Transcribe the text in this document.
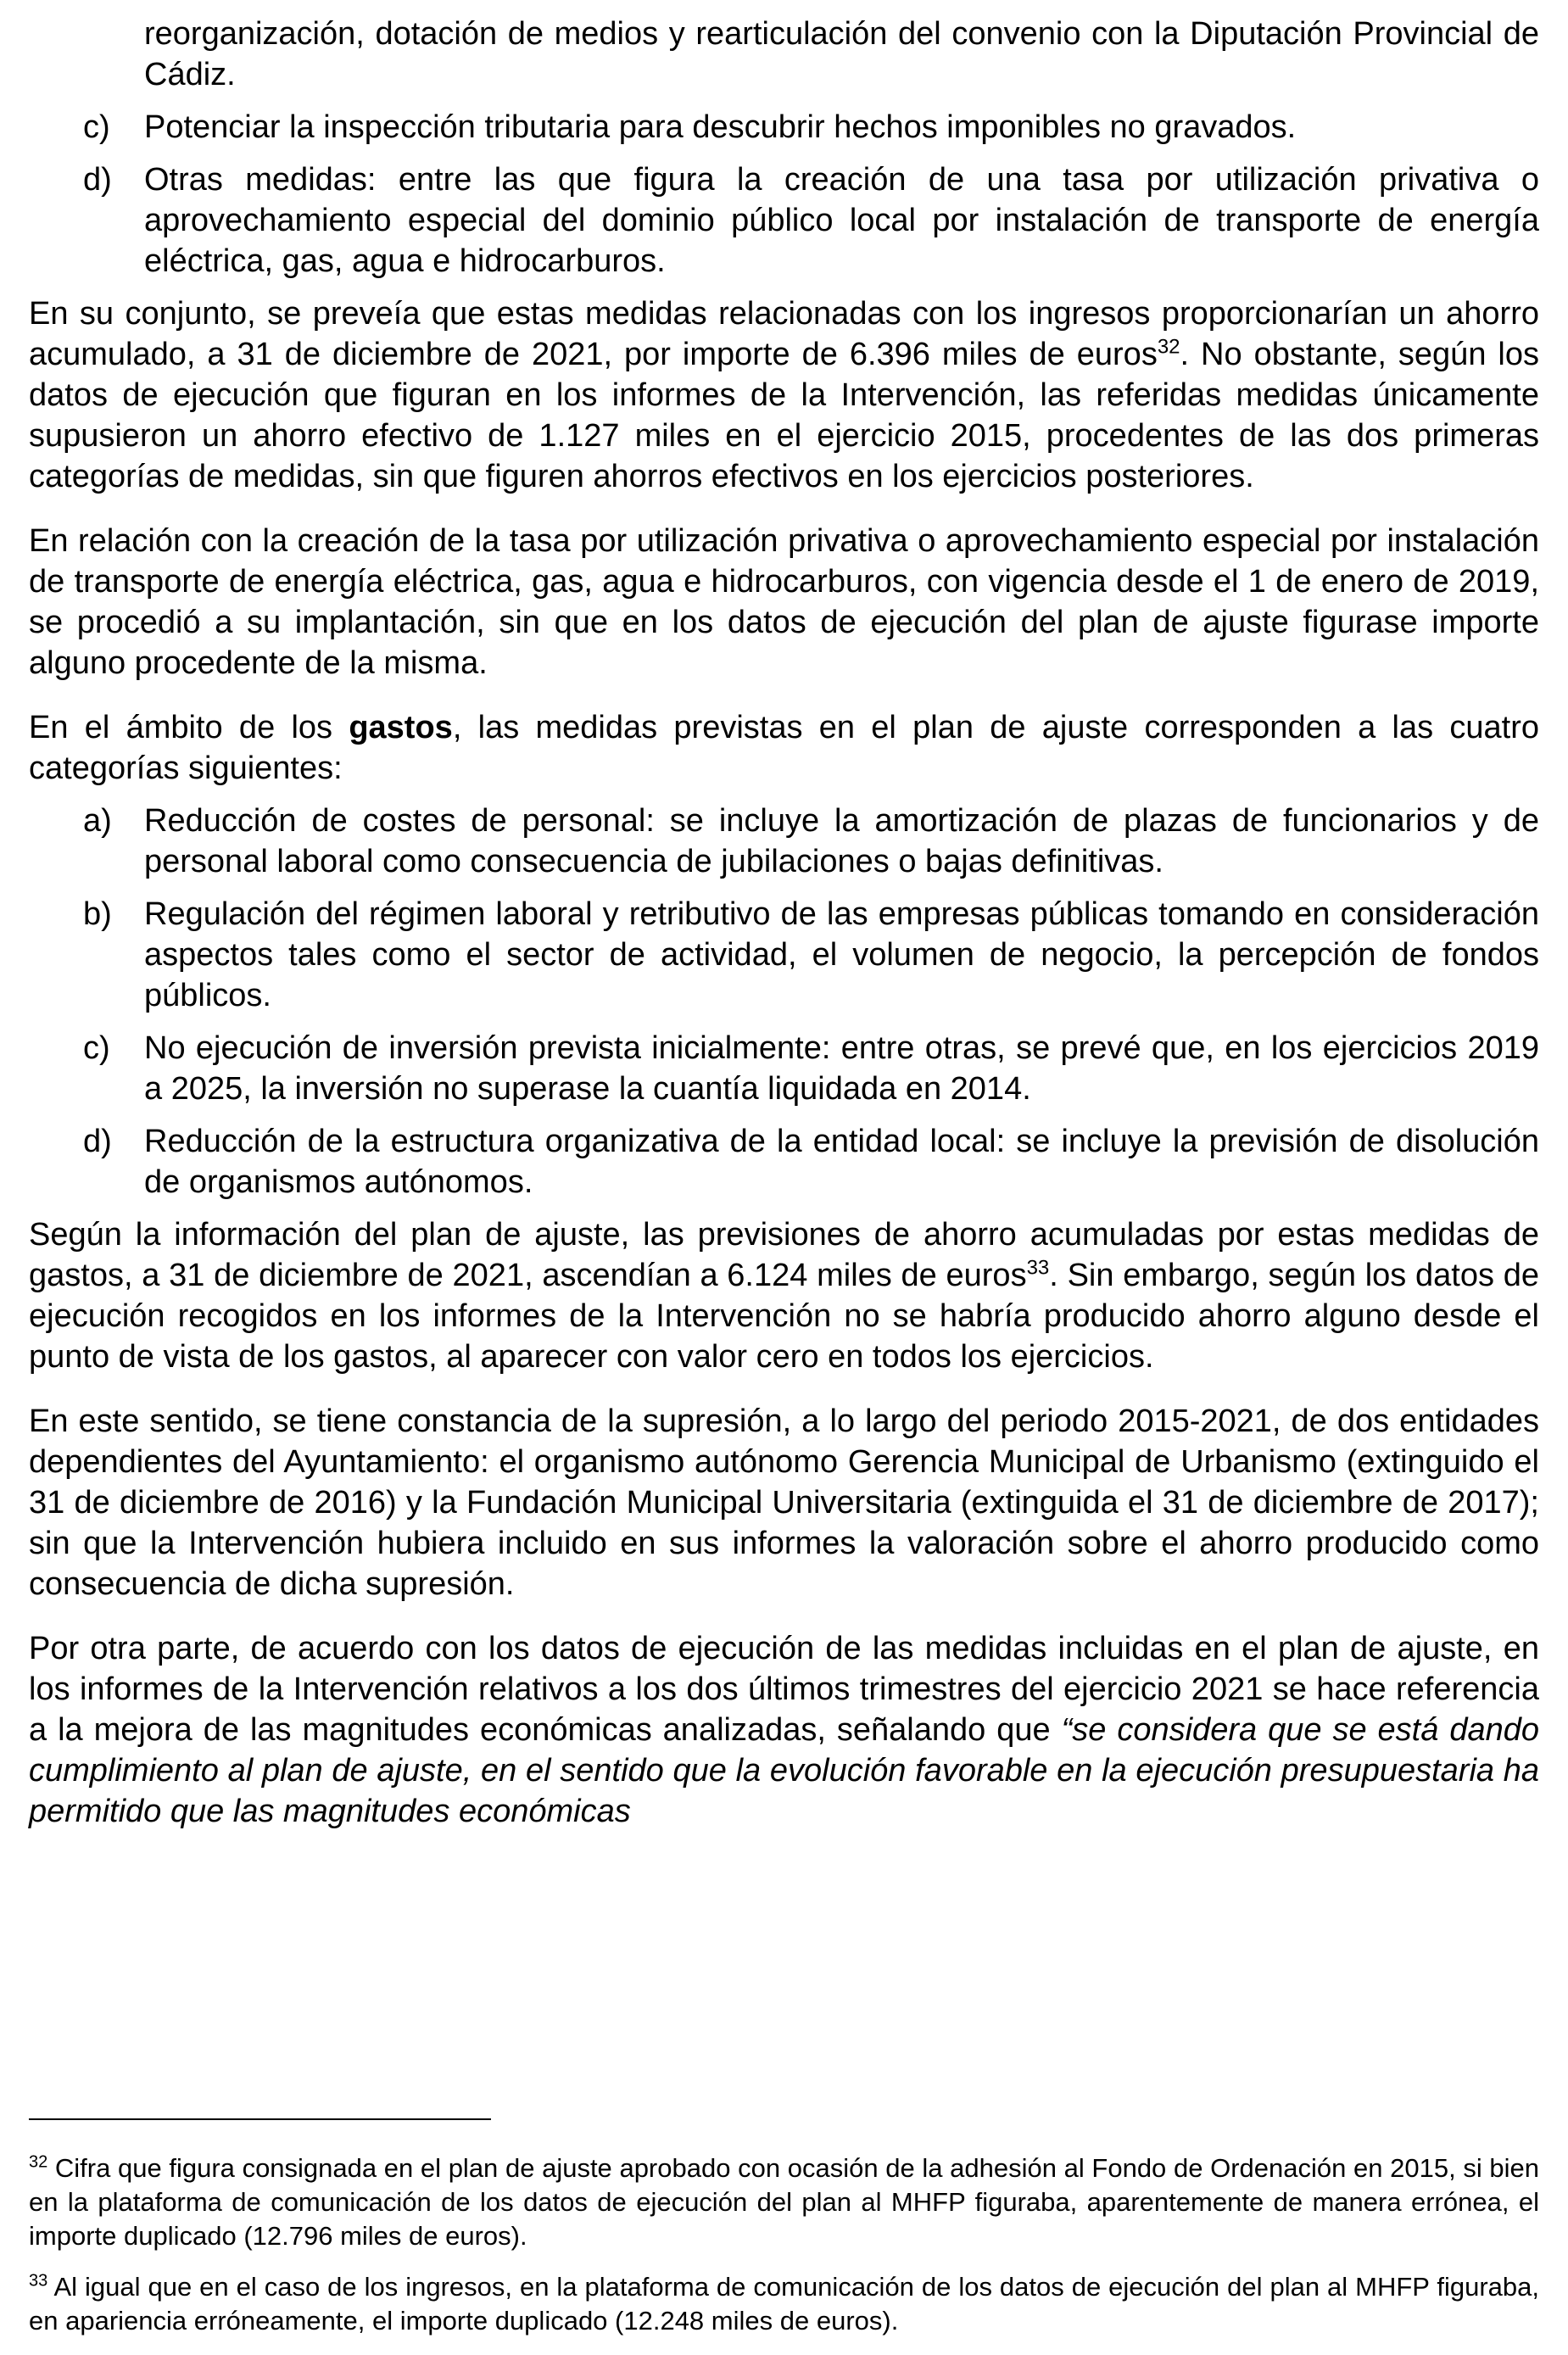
reorganización, dotación de medios y rearticulación del convenio con la Diputación Provincial de Cádiz.

c)	Potenciar la inspección tributaria para descubrir hechos imponibles no gravados.
d)	Otras medidas: entre las que figura la creación de una tasa por utilización privativa o aprovechamiento especial del dominio público local por instalación de transporte de energía eléctrica, gas, agua e hidrocarburos.

En su conjunto, se preveía que estas medidas relacionadas con los ingresos proporcionarían un ahorro acumulado, a 31 de diciembre de 2021, por importe de 6.396 miles de euros$^{32}$. No obstante, según los datos de ejecución que figuran en los informes de la Intervención, las referidas medidas únicamente supusieron un ahorro efectivo de 1.127 miles en el ejercicio 2015, procedentes de las dos primeras categorías de medidas, sin que figuren ahorros efectivos en los ejercicios posteriores.

En relación con la creación de la tasa por utilización privativa o aprovechamiento especial por instalación de transporte de energía eléctrica, gas, agua e hidrocarburos, con vigencia desde el 1 de enero de 2019, se procedió a su implantación, sin que en los datos de ejecución del plan de ajuste figurase importe alguno procedente de la misma.

En el ámbito de los gastos, las medidas previstas en el plan de ajuste corresponden a las cuatro categorías siguientes:

a)	Reducción de costes de personal: se incluye la amortización de plazas de funcionarios y de personal laboral como consecuencia de jubilaciones o bajas definitivas.
b)	Regulación del régimen laboral y retributivo de las empresas públicas tomando en consideración aspectos tales como el sector de actividad, el volumen de negocio, la percepción de fondos públicos.
c)	No ejecución de inversión prevista inicialmente: entre otras, se prevé que, en los ejercicios 2019 a 2025, la inversión no superase la cuantía liquidada en 2014.
d)	Reducción de la estructura organizativa de la entidad local: se incluye la previsión de disolución de organismos autónomos.

Según la información del plan de ajuste, las previsiones de ahorro acumuladas por estas medidas de gastos, a 31 de diciembre de 2021, ascendían a 6.124 miles de euros$^{33}$. Sin embargo, según los datos de ejecución recogidos en los informes de la Intervención no se habría producido ahorro alguno desde el punto de vista de los gastos, al aparecer con valor cero en todos los ejercicios.

En este sentido, se tiene constancia de la supresión, a lo largo del periodo 2015-2021, de dos entidades dependientes del Ayuntamiento: el organismo autónomo Gerencia Municipal de Urbanismo (extinguido el 31 de diciembre de 2016) y la Fundación Municipal Universitaria (extinguida el 31 de diciembre de 2017); sin que la Intervención hubiera incluido en sus informes la valoración sobre el ahorro producido como consecuencia de dicha supresión.

Por otra parte, de acuerdo con los datos de ejecución de las medidas incluidas en el plan de ajuste, en los informes de la Intervención relativos a los dos últimos trimestres del ejercicio 2021 se hace referencia a la mejora de las magnitudes económicas analizadas, señalando que “se considera que se está dando cumplimiento al plan de ajuste, en el sentido que la evolución favorable en la ejecución presupuestaria ha permitido que las magnitudes económicas

$^{32}$ Cifra que figura consignada en el plan de ajuste aprobado con ocasión de la adhesión al Fondo de Ordenación en 2015, si bien en la plataforma de comunicación de los datos de ejecución del plan al MHFP figuraba, aparentemente de manera errónea, el importe duplicado (12.796 miles de euros).

$^{33}$ Al igual que en el caso de los ingresos, en la plataforma de comunicación de los datos de ejecución del plan al MHFP figuraba, en apariencia erróneamente, el importe duplicado (12.248 miles de euros).
